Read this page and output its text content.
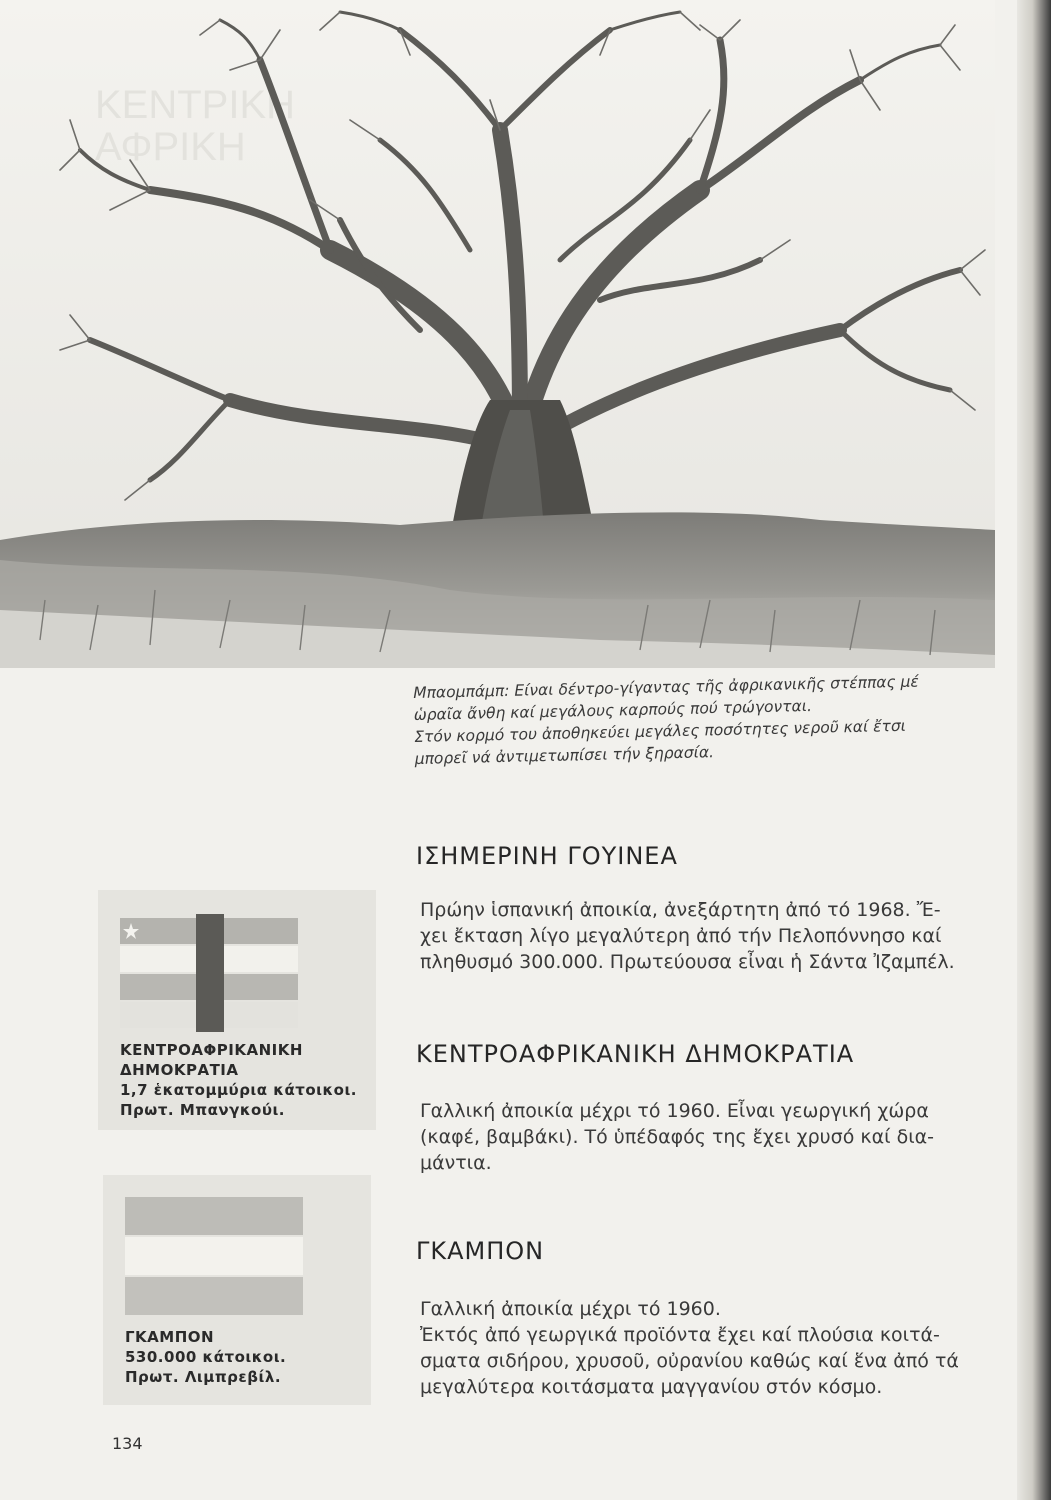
ΚΕΝΤΡΙΚΗ
ΑΦΡΙΚΗ

Μπαομπάμπ: Είναι δέντρο-γίγαντας τῆς ἀφρικανικῆς στέππας μέ

ὡραῖα ἄνθη καί μεγάλους καρπούς πού τρώγονται.

Στόν κορμό του ἀποθηκεύει μεγάλες ποσότητες νεροῦ καί ἔτσι

μπορεῖ νά ἀντιμετωπίσει τήν ξηρασία.

ΙΣΗΜΕΡΙΝΗ ΓΟΥΙΝΕΑ

Πρώην ἱσπανική ἀποικία, ἀνεξάρτητη ἀπό τό 1968. Ἔ-

χει ἔκταση λίγο μεγαλύτερη ἀπό τήν Πελοπόννησο καί

πληθυσμό 300.000. Πρωτεύουσα εἶναι ἡ Σάντα Ἰζαμπέλ.

ΚΕΝΤΡΟΑΦΡΙΚΑΝΙΚΗ ΔΗΜΟΚΡΑΤΙΑ

Γαλλική ἀποικία μέχρι τό 1960. Εἶναι γεωργική χώρα

(καφέ, βαμβάκι). Τό ὑπέδαφός της ἔχει χρυσό καί δια-

μάντια.

ΓΚΑΜΠΟΝ

Γαλλική ἀποικία μέχρι τό 1960.

Ἐκτός ἀπό γεωργικά προϊόντα ἔχει καί πλούσια κοιτά-

σματα σιδήρου, χρυσοῦ, οὐρανίου καθώς καί ἕνα ἀπό τά

μεγαλύτερα κοιτάσματα μαγγανίου στόν κόσμο.

ΚΕΝΤΡΟΑΦΡΙΚΑΝΙΚΗ
ΔΗΜΟΚΡΑΤΙΑ
1,7 ἑκατομμύρια κάτοικοι.
Πρωτ. Μπανγκούι.
ΓΚΑΜΠΟΝ
530.000 κάτοικοι.
Πρωτ. Λιμπρεβίλ.
134
